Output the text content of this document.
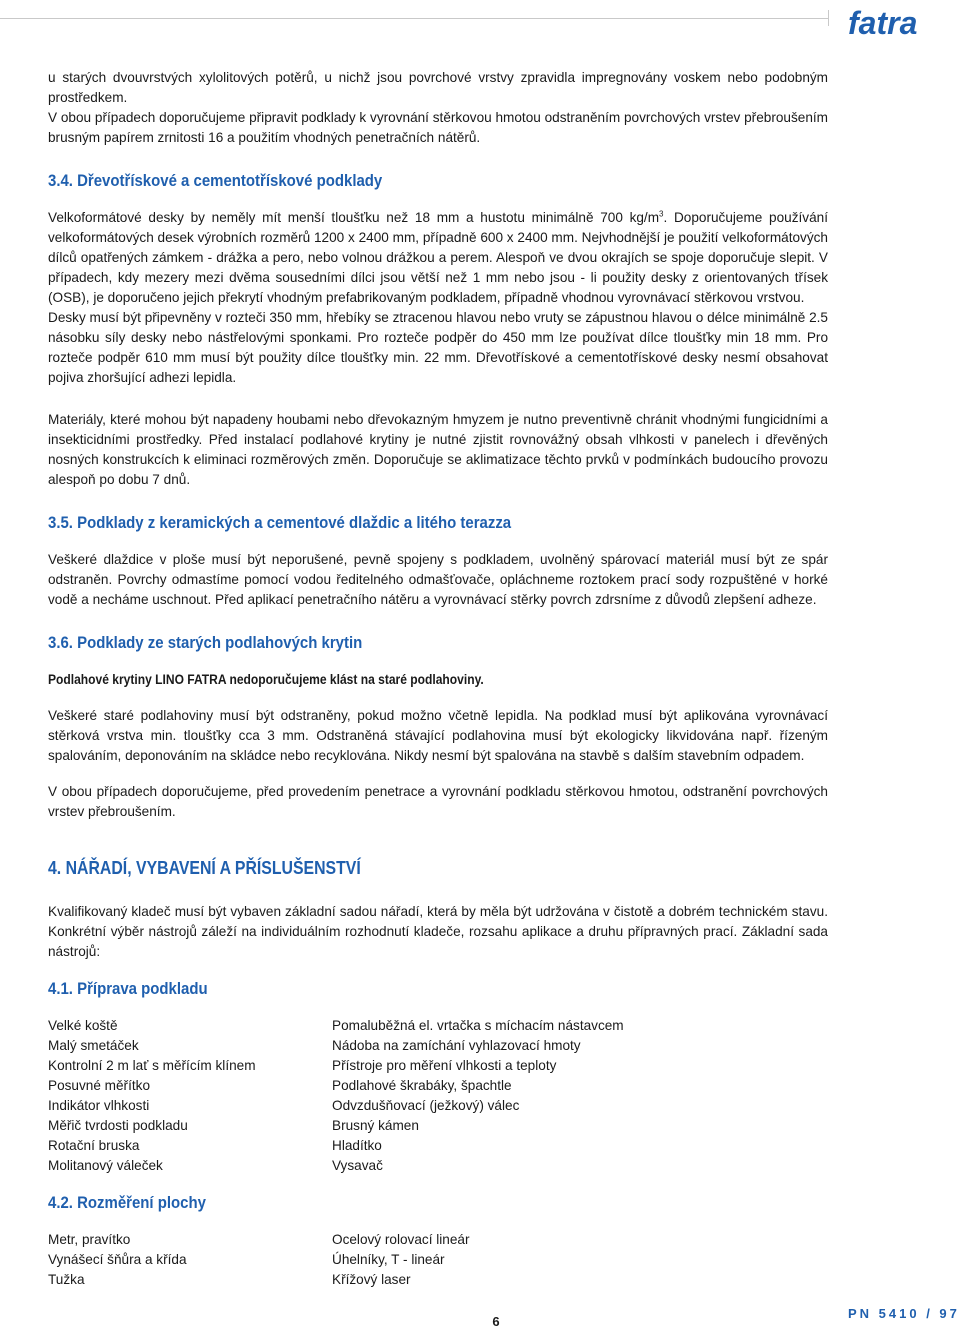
fatra

u starých dvouvrstvých xylolitových potěrů, u nichž jsou povrchové vrstvy zpravidla impregnovány voskem nebo podobným prostředkem.

V obou případech doporučujeme připravit podklady k vyrovnání stěrkovou hmotou odstraněním povrchových vrstev přebroušením brusným papírem zrnitosti 16 a použitím vhodných penetračních nátěrů.

3.4. Dřevotřískové a cementotřískové podklady

Velkoformátové desky by neměly mít menší tloušťku než 18 mm a hustotu minimálně 700 $kg/m^3$. Doporučujeme používání velkoformátových desek výrobních rozměrů 1200 x 2400 mm, případně 600 x 2400 mm. Nejvhodnější je použití velkoformátových dílců opatřených zámkem - drážka a pero, nebo volnou drážkou a perem. Alespoň ve dvou okrajích se spoje doporučuje slepit. V případech, kdy mezery mezi dvěma sousedními dílci jsou větší než 1 mm nebo jsou - li použity desky z orientovaných třísek (OSB), je doporučeno jejich překrytí vhodným prefabrikovaným podkladem, případně vhodnou vyrovnávací stěrkovou vrstvou.

Desky musí být připevněny v rozteči 350 mm, hřebíky se ztracenou hlavou nebo vruty se zápustnou hlavou o délce minimálně 2.5 násobku síly desky nebo nástřelovými sponkami. Pro rozteče podpěr do 450 mm lze používat dílce tloušťky min 18 mm. Pro rozteče podpěr 610 mm musí být použity dílce tloušťky min. 22 mm. Dřevotřískové a cementotřískové desky nesmí obsahovat pojiva zhoršující adhezi lepidla.

Materiály, které mohou být napadeny houbami nebo dřevokazným hmyzem je nutno preventivně chránit vhodnými fungicidními a insekticidními prostředky. Před instalací podlahové krytiny je nutné zjistit rovnovážný obsah vlhkosti v panelech i dřevěných nosných konstrukcích k eliminaci rozměrových změn. Doporučuje se aklimatizace těchto prvků v podmínkách budoucího provozu alespoň po dobu 7 dnů.

3.5. Podklady z keramických a cementové dlaždic a litého terazza

Veškeré dlaždice v ploše musí být neporušené, pevně spojeny s podkladem, uvolněný spárovací materiál musí být ze spár odstraněn. Povrchy odmastíme pomocí vodou ředitelného odmašťovače, opláchneme roztokem prací sody rozpuštěné v horké vodě a necháme uschnout. Před aplikací penetračního nátěru a vyrovnávací stěrky povrch zdrsníme z důvodů zlepšení adheze.

3.6. Podklady ze starých podlahových krytin
Podlahové krytiny LINO FATRA nedoporučujeme klást na staré podlahoviny.

Veškeré staré podlahoviny musí být odstraněny, pokud možno včetně lepidla. Na podklad musí být aplikována vyrovnávací stěrková vrstva min. tloušťky cca 3 mm. Odstraněná stávající podlahovina musí být ekologicky likvidována např. řízeným spalováním, deponováním na skládce nebo recyklována. Nikdy nesmí být spalována na stavbě s dalším stavebním odpadem.

V obou případech doporučujeme, před provedením penetrace a vyrovnání podkladu stěrkovou hmotou, odstranění povrchových vrstev přebroušením.

4. NÁŘADÍ, VYBAVENÍ A PŘÍSLUŠENSTVÍ

Kvalifikovaný kladeč musí být vybaven základní sadou nářadí, která by měla být udržována v čistotě a dobrém technickém stavu. Konkrétní výběr nástrojů záleží na individuálním rozhodnutí kladeče, rozsahu aplikace a druhu přípravných prací. Základní sada nástrojů:

4.1. Příprava podkladu
Velké koště
Malý smetáček
Kontrolní 2 m lať s měřícím klínem
Posuvné měřítko
Indikátor vlhkosti
Měřič tvrdosti podkladu
Rotační bruska
Molitanový váleček
Pomaluběžná el. vrtačka s míchacím nástavcem
Nádoba na zamíchání vyhlazovací hmoty
Přístroje pro měření vlhkosti a teploty
Podlahové škrabáky, špachtle
Odvzdušňovací (ježkový) válec
Brusný kámen
Hladítko
Vysavač
4.2. Rozměření plochy
Metr, pravítko
Vynášecí šňůra a křída
Tužka
Ocelový rolovací lineár
Úhelníky, T - lineár
Křížový laser
6
PN 5410 / 97
